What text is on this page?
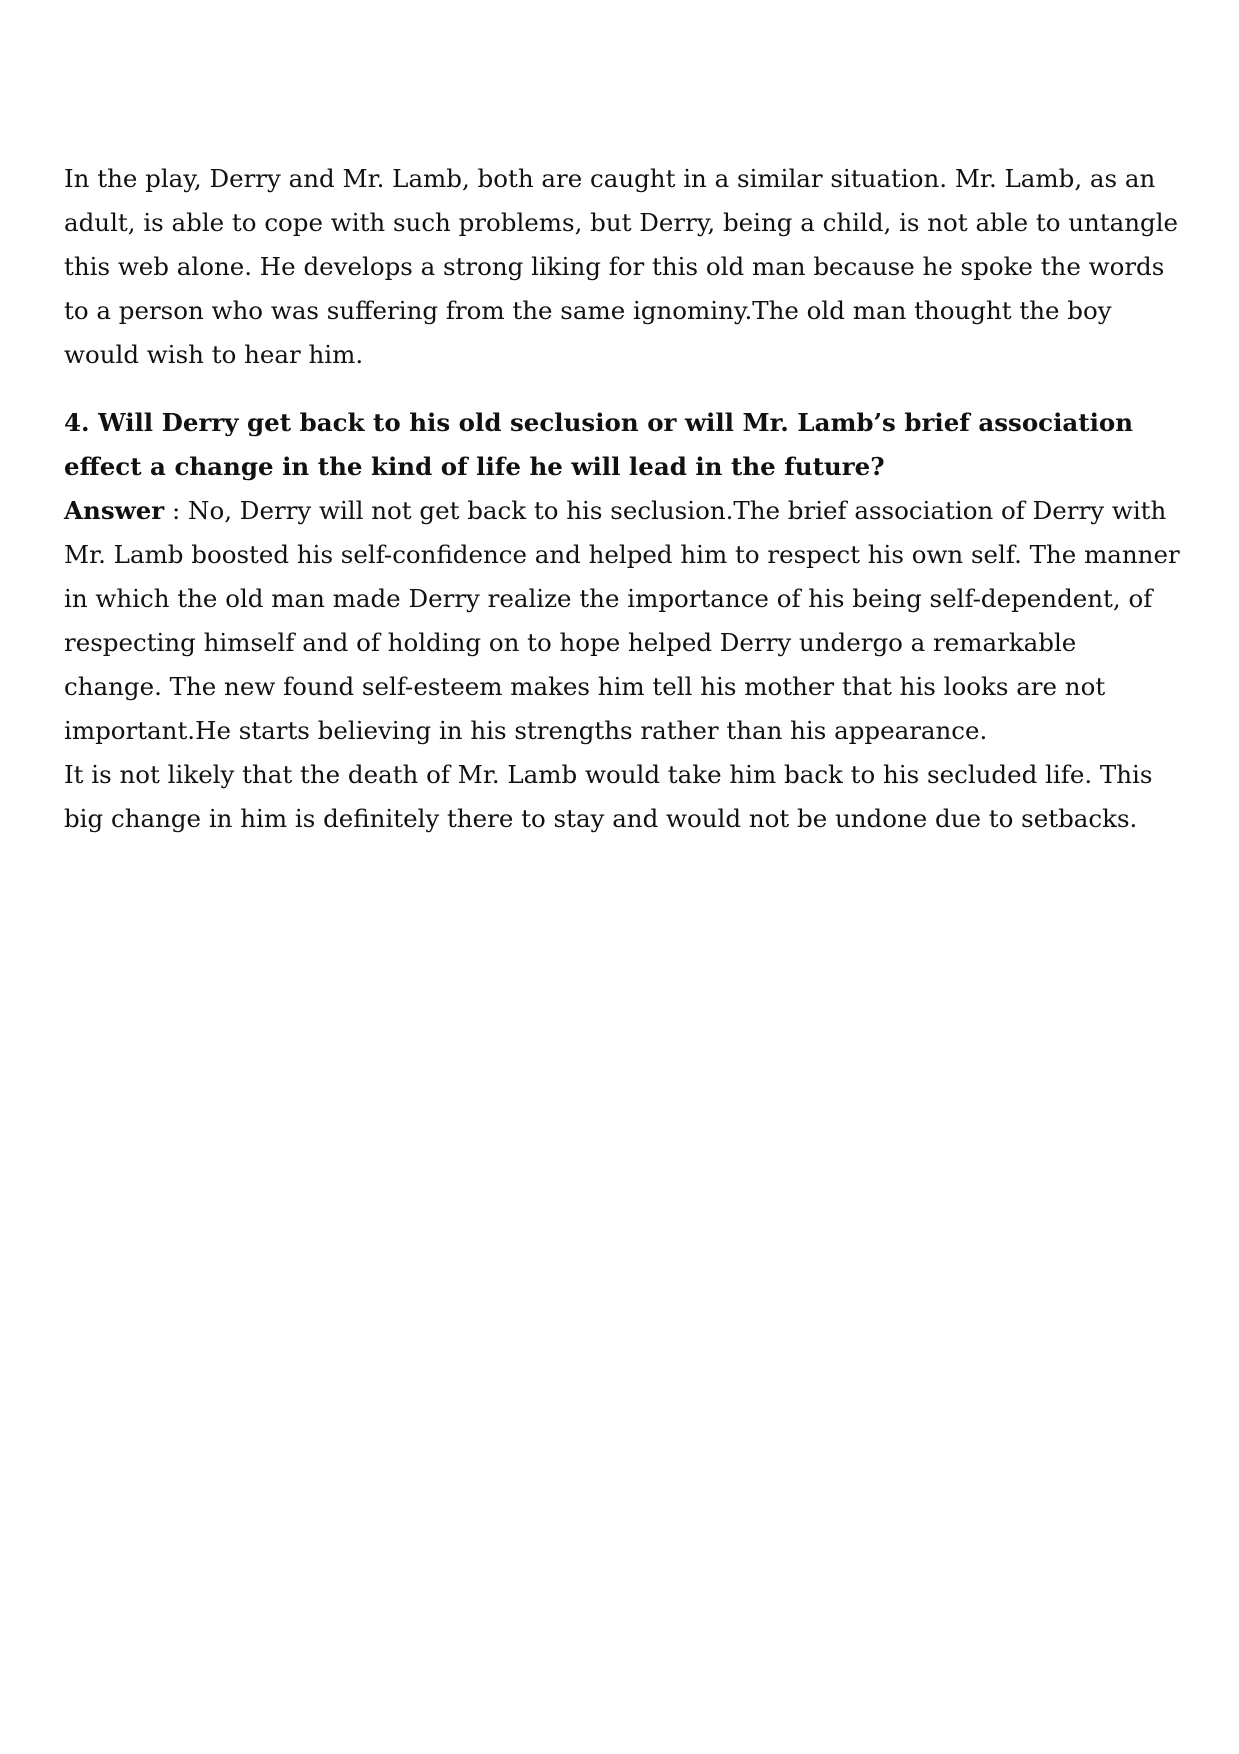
In the play, Derry and Mr. Lamb, both are caught in a similar situation. Mr. Lamb, as an adult, is able to cope with such problems, but Derry, being a child, is not able to untangle this web alone. He develops a strong liking for this old man because he spoke the words to a person who was suffering from the same ignominy.The old man thought the boy would wish to hear him.

4. Will Derry get back to his old seclusion or will Mr. Lamb’s brief association effect a change in the kind of life he will lead in the future?

Answer : No, Derry will not get back to his seclusion.The brief association of Derry with Mr. Lamb boosted his self-confidence and helped him to respect his own self. The manner in which the old man made Derry realize the importance of his being self-dependent, of respecting himself and of holding on to hope helped Derry undergo a remarkable change. The new found self-esteem makes him tell his mother that his looks are not important.He starts believing in his strengths rather than his appearance.

It is not likely that the death of Mr. Lamb would take him back to his secluded life. This big change in him is definitely there to stay and would not be undone due to setbacks.
